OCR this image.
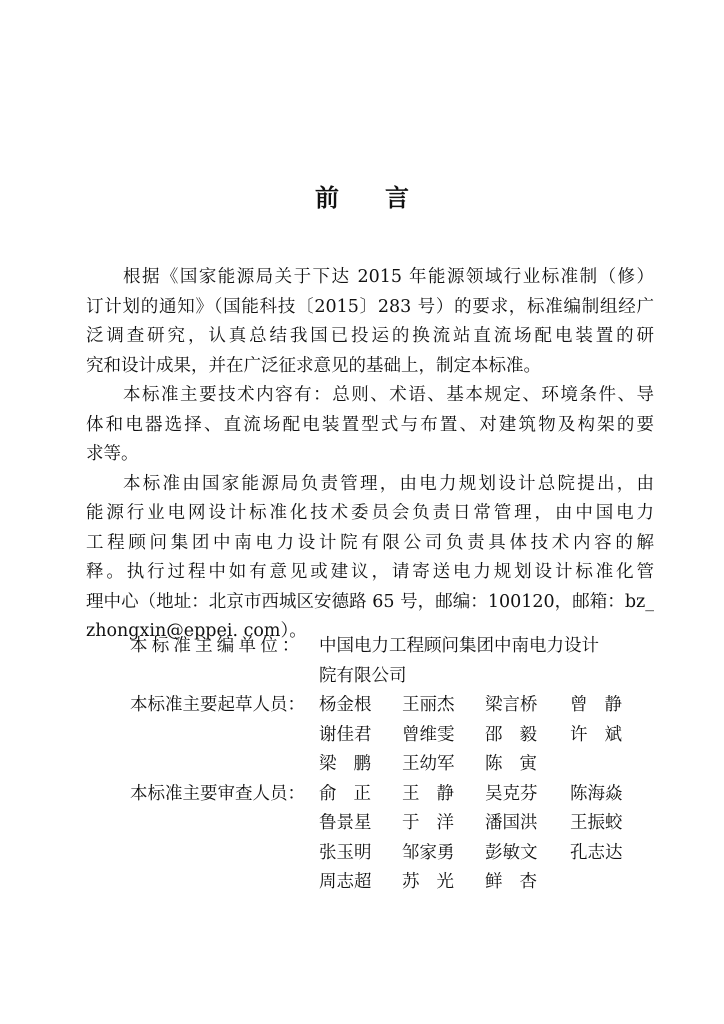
前言
根据《国家能源局关于下达 2015 年能源领域行业标准制（修）
订计划的通知》（国能科技〔2015〕283 号）的要求，标准编制组经广
泛调查研究，认真总结我国已投运的换流站直流场配电装置的研
究和设计成果，并在广泛征求意见的基础上，制定本标准。
本标准主要技术内容有：总则、术语、基本规定、环境条件、导
体和电器选择、直流场配电装置型式与布置、对建筑物及构架的要
求等。
本标准由国家能源局负责管理，由电力规划设计总院提出，由
能源行业电网设计标准化技术委员会负责日常管理，由中国电力
工程顾问集团中南电力设计院有限公司负责具体技术内容的解
释。执行过程中如有意见或建议，请寄送电力规划设计标准化管
理中心（地址：北京市西城区安德路 65 号，邮编：100120，邮箱：bz_
zhongxin@eppei. com）。
本标准主编单位： 中国电力工程顾问集团中南电力设计
院有限公司
本标准主要起草人员： 杨金根 王丽杰 梁言桥 曾静
谢佳君 曾维雯 邵毅 许斌
梁鹏 王幼军 陈寅
本标准主要审查人员： 俞正 王静 吴克芬 陈海焱
鲁景星 于洋 潘国洪 王振蛟
张玉明 邹家勇 彭敏文 孔志达
周志超 苏光 鲜杏
